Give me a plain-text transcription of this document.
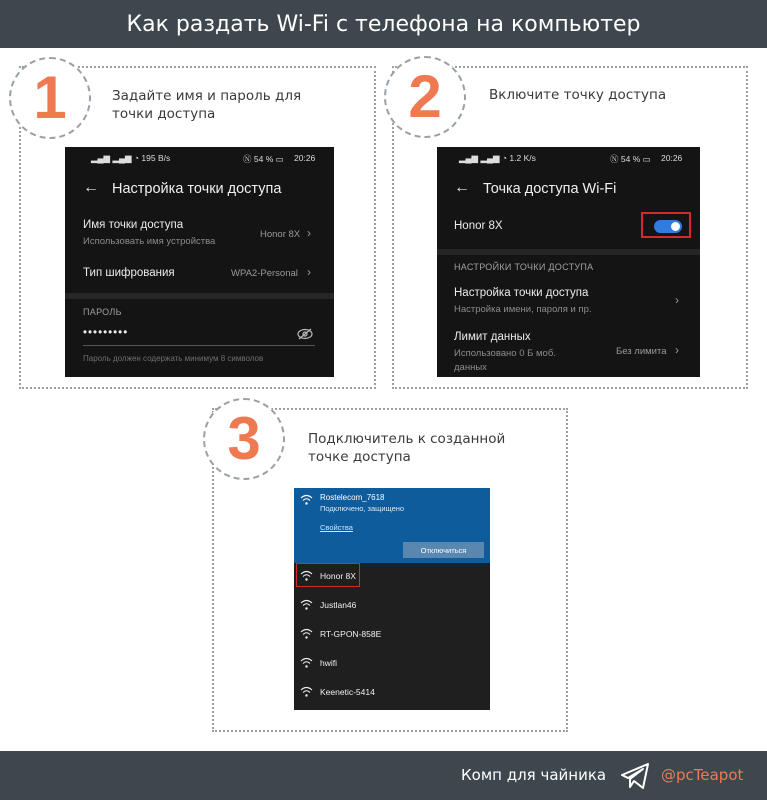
Как раздать Wi-Fi с телефона на компьютер
1	Задайте имя и пароль для
точки доступа
▂▄▆ ▂▄▆ ◔ 195 B/s	Ⓝ 54 % ▭ 20:26
← Настройка точки доступа
Имя точки доступа
Использовать имя устройства
Honor 8X ›
Тип шифрования	WPA2-Personal ›
ПАРОЛЬ
•••••••••
Пароль должен содержать минимум 8 символов
2	Включите точку доступа
▂▄▆ ▂▄▆ ◔ 1.2 K/s	Ⓝ 54 % ▭ 20:26
← Точка доступа Wi-Fi
Honor 8X
НАСТРОЙКИ ТОЧКИ ДОСТУПА
Настройка точки доступа
Настройка имени, пароля и пр.
›
Лимит данных
Использовано 0 Б моб.
данных
Без лимита ›
3	Подключитель к созданной
точке доступа
Rostelecom_7618
Подключено, защищено
Свойства
Отключиться
Honor 8X
Justlan46
RT-GPON-858E
hwifi
Keenetic-5414
Комп для чайника	@pcTeapot
